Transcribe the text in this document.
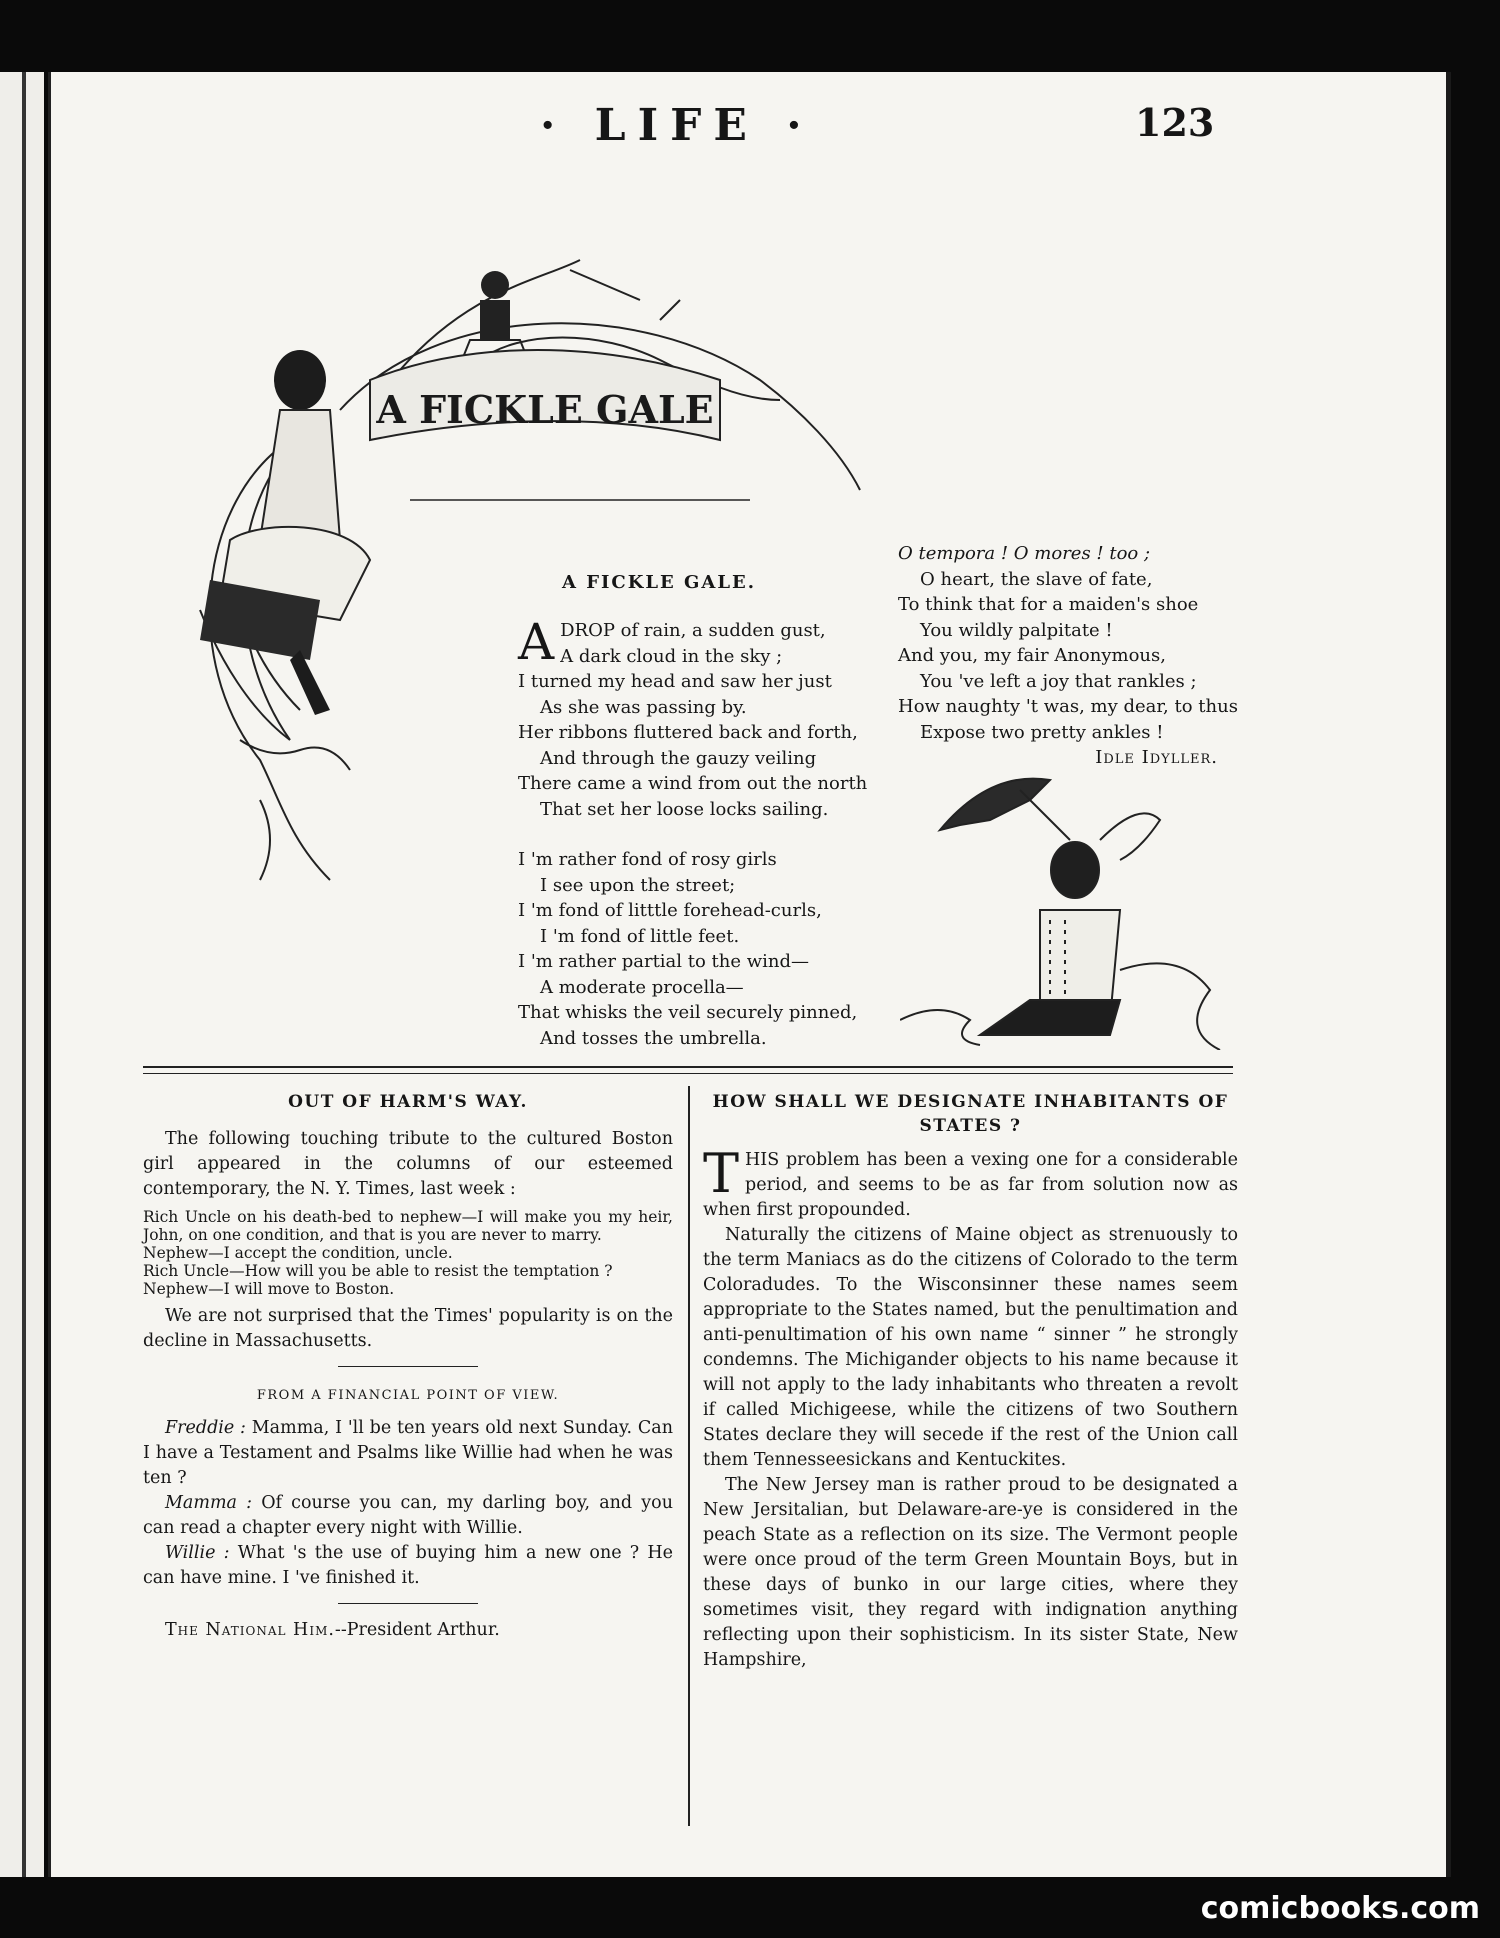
· LIFE ·	123
A FICKLE GALE
A FICKLE GALE.
ADROP of rain, a sudden gust,
A dark cloud in the sky ;
I turned my head and saw her just
As she was passing by.
Her ribbons fluttered back and forth,
And through the gauzy veiling
There came a wind from out the north
That set her loose locks sailing.
I 'm rather fond of rosy girls
I see upon the street;
I 'm fond of litttle forehead-curls,
I 'm fond of little feet.
I 'm rather partial to the wind—
A moderate procella—
That whisks the veil securely pinned,
And tosses the umbrella.
O tempora ! O mores ! too ;
O heart, the slave of fate,
To think that for a maiden's shoe
You wildly palpitate !
And you, my fair Anonymous,
You 've left a joy that rankles ;
How naughty 't was, my dear, to thus
Expose two pretty ankles !
Idle Idyller.
OUT OF HARM'S WAY.

The following touching tribute to the cultured Boston girl appeared in the columns of our esteemed contemporary, the N. Y. Times, last week :

Rich Uncle on his death-bed to nephew—I will make you my heir, John, on one condition, and that is you are never to marry.

Nephew—I accept the condition, uncle.

Rich Uncle—How will you be able to resist the temptation ?

Nephew—I will move to Boston.

We are not surprised that the Times' popularity is on the decline in Massachusetts.

FROM A FINANCIAL POINT OF VIEW.

Freddie : Mamma, I 'll be ten years old next Sunday. Can I have a Testament and Psalms like Willie had when he was ten ?

Mamma : Of course you can, my darling boy, and you can read a chapter every night with Willie.

Willie : What 's the use of buying him a new one ? He can have mine. I 've finished it.

The National Him.--President Arthur.

HOW SHALL WE DESIGNATE INHABITANTS OF STATES ?

THIS problem has been a vexing one for a considerable period, and seems to be as far from solution now as when first propounded.

Naturally the citizens of Maine object as strenuously to the term Maniacs as do the citizens of Colorado to the term Coloradudes. To the Wisconsinner these names seem appropriate to the States named, but the penultimation and anti-penultimation of his own name “ sinner ” he strongly condemns. The Michigander objects to his name because it will not apply to the lady inhabitants who threaten a revolt if called Michigeese, while the citizens of two Southern States declare they will secede if the rest of the Union call them Tennesseesickans and Kentuckites.

The New Jersey man is rather proud to be designated a New Jersitalian, but Delaware-are-ye is considered in the peach State as a reflection on its size. The Vermont people were once proud of the term Green Mountain Boys, but in these days of bunko in our large cities, where they sometimes visit, they regard with indignation anything reflecting upon their sophisticism. In its sister State, New Hampshire,

comicbooks.com
